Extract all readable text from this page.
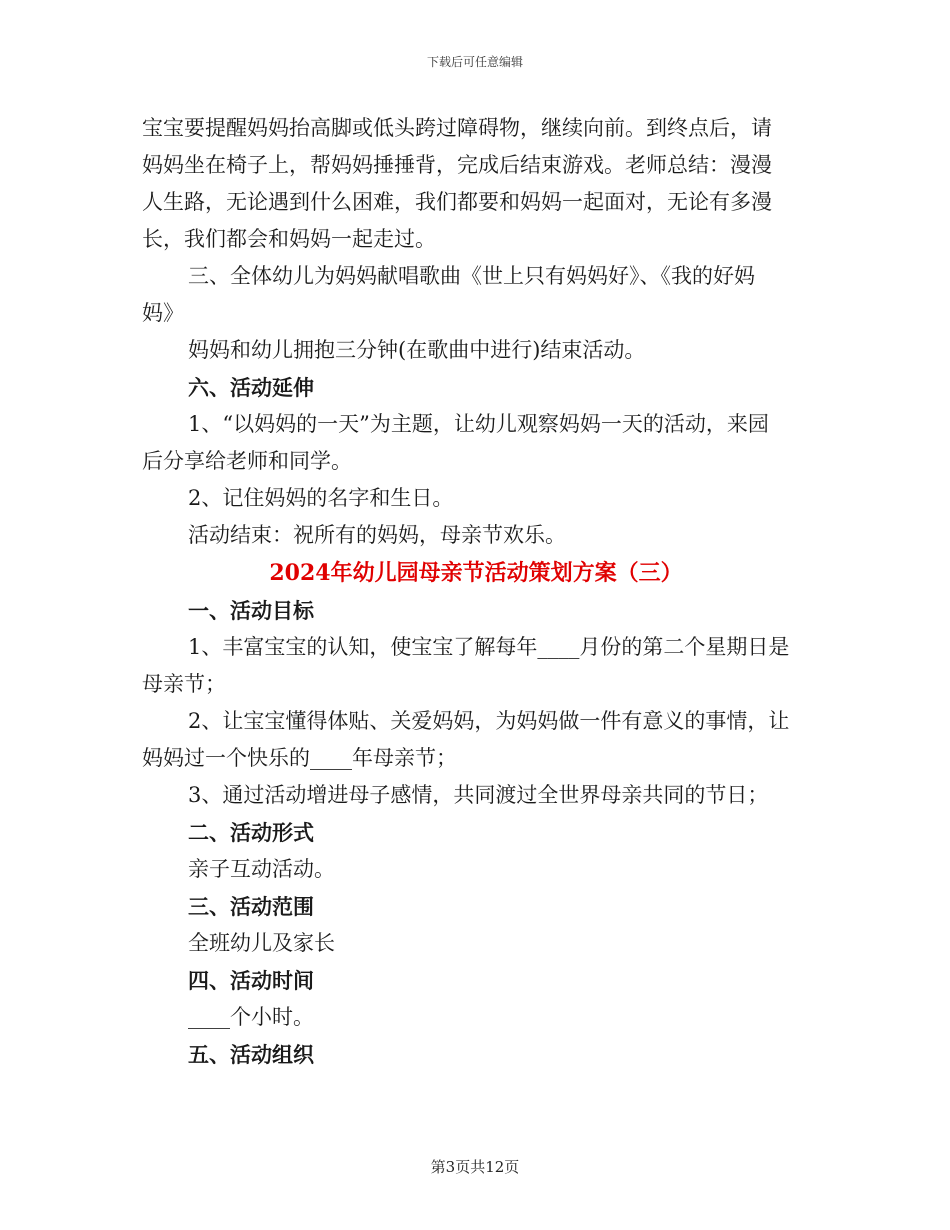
下载后可任意编辑
宝宝要提醒妈妈抬高脚或低头跨过障碍物，继续向前。到终点后，请
妈妈坐在椅子上，帮妈妈捶捶背，完成后结束游戏。老师总结：漫漫
人生路，无论遇到什么困难，我们都要和妈妈一起面对，无论有多漫
长，我们都会和妈妈一起走过。
三、全体幼儿为妈妈献唱歌曲《世上只有妈妈好》、《我的好妈
妈》
妈妈和幼儿拥抱三分钟(在歌曲中进行)结束活动。
六、活动延伸
1、“以妈妈的一天”为主题，让幼儿观察妈妈一天的活动，来园
后分享给老师和同学。
2、记住妈妈的名字和生日。
活动结束：祝所有的妈妈，母亲节欢乐。
2024年幼儿园母亲节活动策划方案（三）
一、活动目标
1、丰富宝宝的认知，使宝宝了解每年____月份的第二个星期日是
母亲节；
2、让宝宝懂得体贴、关爱妈妈，为妈妈做一件有意义的事情，让
妈妈过一个快乐的____年母亲节；
3、通过活动增进母子感情，共同渡过全世界母亲共同的节日；
二、活动形式
亲子互动活动。
三、活动范围
全班幼儿及家长
四、活动时间
____个小时。
五、活动组织
第3页共12页
